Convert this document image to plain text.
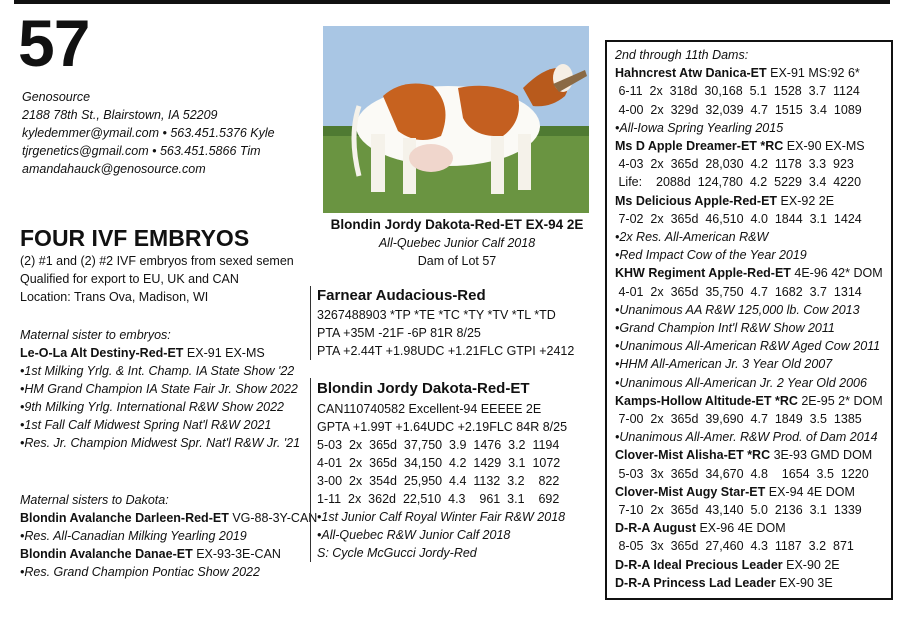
57
Genosource
2188 78th St., Blairstown, IA 52209
kyledemmer@ymail.com • 563.451.5376 Kyle
tjrgenetics@gmail.com • 563.451.5866 Tim
amandahauck@genosource.com
FOUR IVF EMBRYOS
(2) #1 and (2) #2 IVF embryos from sexed semen
Qualified for export to EU, UK and CAN
Location: Trans Ova, Madison, WI
Maternal sister to embryos:
Le-O-La Alt Destiny-Red-ET EX-91 EX-MS
•1st Milking Yrlg. & Int. Champ. IA State Show '22
•HM Grand Champion IA State Fair Jr. Show 2022
•9th Milking Yrlg. International R&W Show 2022
•1st Fall Calf Midwest Spring Nat'l R&W 2021
•Res. Jr. Champion Midwest Spr. Nat'l R&W Jr. '21
Maternal sisters to Dakota:
Blondin Avalanche Darleen-Red-ET VG-88-3Y-CAN
•Res. All-Canadian Milking Yearling 2019
Blondin Avalanche Danae-ET EX-93-3E-CAN
•Res. Grand Champion Pontiac Show 2022
Blondin Jordy Dakota-Red-ET EX-94 2E
All-Quebec Junior Calf 2018
Dam of Lot 57
Farnear Audacious-Red
3267488903 *TP *TE *TC *TY *TV *TL *TD
PTA +35M -21F -6P 81R 8/25
PTA +2.44T +1.98UDC +1.21FLC GTPI +2412
Blondin Jordy Dakota-Red-ET
CAN110740582 Excellent-94 EEEEE 2E
GPTA +1.99T +1.64UDC +2.19FLC 84R 8/25
5-03  2x  365d  37,750  3.9  1476  3.2  1194
4-01  2x  365d  34,150  4.2  1429  3.1  1072
3-00  2x  354d  25,950  4.4  1132  3.2    822
1-11  2x  362d  22,510  4.3    961  3.1    692
•1st Junior Calf Royal Winter Fair R&W 2018
•All-Quebec R&W Junior Calf 2018
S: Cycle McGucci Jordy-Red
2nd through 11th Dams:
Hahncrest Atw Danica-ET EX-91 MS:92 6*
6-11  2x  318d  30,168  5.1  1528  3.7  1124
4-00  2x  329d  32,039  4.7  1515  3.4  1089
•All-Iowa Spring Yearling 2015
Ms D Apple Dreamer-ET *RC EX-90 EX-MS
4-03  2x  365d  28,030  4.2  1178  3.3  923
Life:    2088d  124,780  4.2  5229  3.4  4220
Ms Delicious Apple-Red-ET EX-92 2E
7-02  2x  365d  46,510  4.0  1844  3.1  1424
•2x Res. All-American R&W
•Red Impact Cow of the Year 2019
KHW Regiment Apple-Red-ET 4E-96 42* DOM
4-01  2x  365d  35,750  4.7  1682  3.7  1314
•Unanimous AA R&W 125,000 lb. Cow 2013
•Grand Champion Int'l R&W Show 2011
•Unanimous All-American R&W Aged Cow 2011
•HHM All-American Jr. 3 Year Old 2007
•Unanimous All-American Jr. 2 Year Old 2006
Kamps-Hollow Altitude-ET *RC 2E-95 2* DOM
7-00  2x  365d  39,690  4.7  1849  3.5  1385
•Unanimous All-Amer. R&W Prod. of Dam 2014
Clover-Mist Alisha-ET *RC 3E-93 GMD DOM
5-03  3x  365d  34,670  4.8    1654  3.5  1220
Clover-Mist Augy Star-ET EX-94 4E DOM
7-10  2x  365d  43,140  5.0  2136  3.1  1339
D-R-A August EX-96 4E DOM
8-05  3x  365d  27,460  4.3  1187  3.2  871
D-R-A Ideal Precious Leader EX-90 2E
D-R-A Princess Lad Leader EX-90 3E
